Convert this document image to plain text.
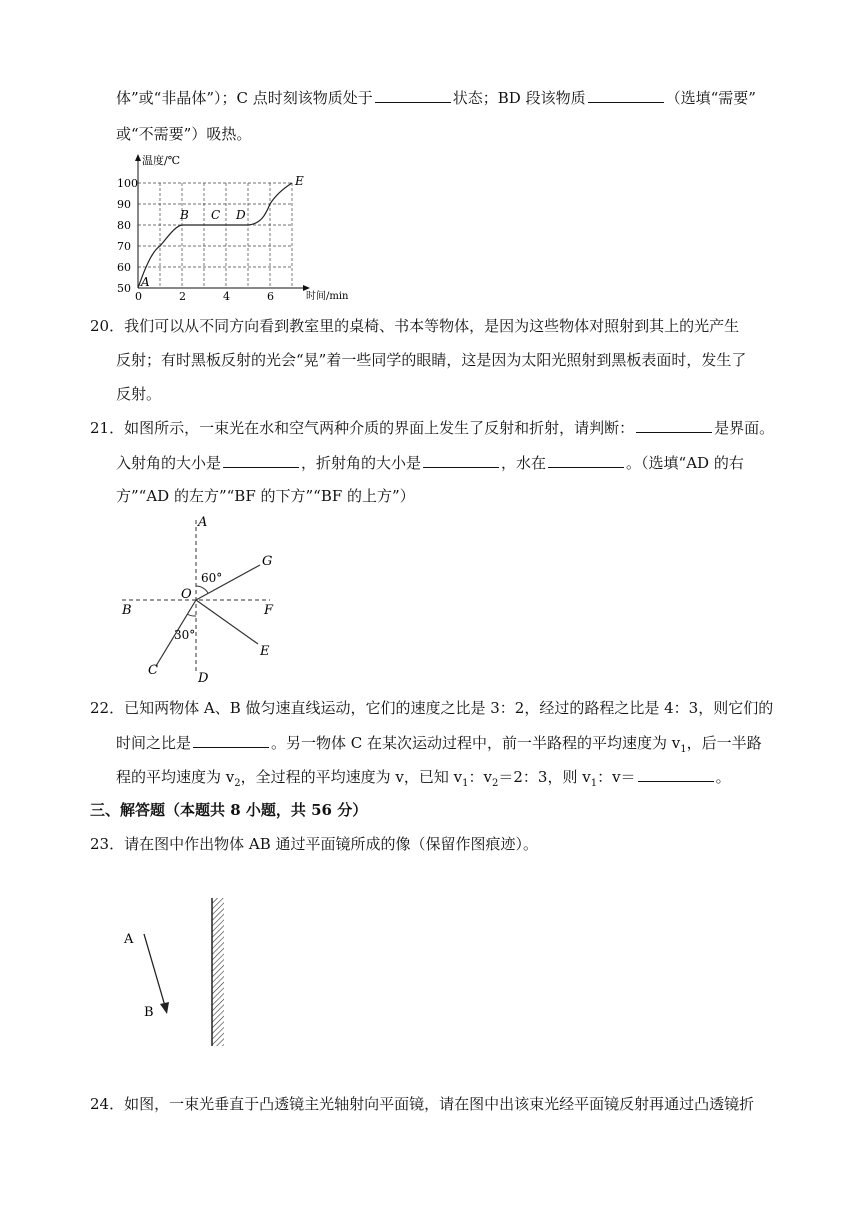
体”或“非晶体”）；C 点时刻该物质处于	状态；BD 段该物质	（选填“需要”
或“不需要”）吸热。
0	2	4	6
50
60
70
80
90
100
A
B C D
E
温度/℃
时间/min
20．我们可以从不同方向看到教室里的桌椅、书本等物体，是因为这些物体对照射到其上的光产生
反射；有时黑板反射的光会“晃”着一些同学的眼睛，这是因为太阳光照射到黑板表面时，发生了
反射。
21．如图所示，一束光在水和空气两种介质的界面上发生了反射和折射，请判断：	是界面。
入射角的大小是	，折射角的大小是	，水在	。（选填“AD 的右
方”“AD 的左方”“BF 的下方”“BF 的上方”）
A
G
60°
O
B	F
30°
E
C
D
22．已知两物体 A、B 做匀速直线运动，它们的速度之比是 3：2，经过的路程之比是 4：3，则它们的
时间之比是	。另一物体 C 在某次运动过程中，前一半路程的平均速度为 $v_1$，后一半路
程的平均速度为 $v_2$，全过程的平均速度为 v，已知 $v_1$：$v_2=2$：3，则 $v_1$：v＝	。
三、解答题（本题共 8 小题，共 56 分）
23．请在图中作出物体 AB 通过平面镜所成的像（保留作图痕迹）。
A
B
24．如图，一束光垂直于凸透镜主光轴射向平面镜，请在图中出该束光经平面镜反射再通过凸透镜折
